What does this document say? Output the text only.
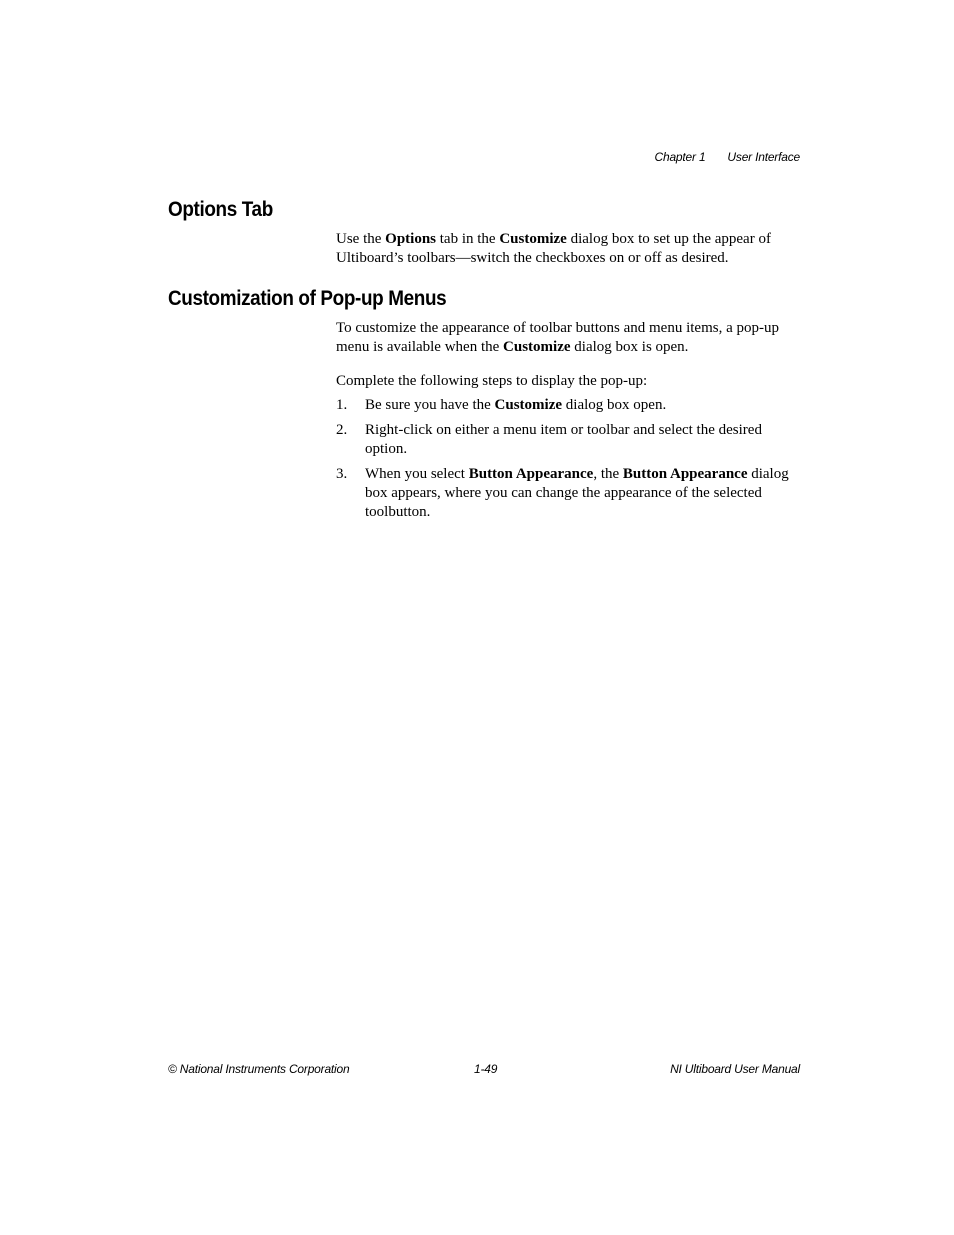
Chapter 1 User Interface
Options Tab

Use the Options tab in the Customize dialog box to set up the appear of Ultiboard’s toolbars—switch the checkboxes on or off as desired.

Customization of Pop-up Menus

To customize the appearance of toolbar buttons and menu items, a pop-up menu is available when the Customize dialog box is open.

Complete the following steps to display the pop-up:

1. Be sure you have the Customize dialog box open.
2. Right-click on either a menu item or toolbar and select the desired option.
3. When you select Button Appearance, the Button Appearance dialog box appears, where you can change the appearance of the selected toolbutton.
© National Instruments Corporation	1-49	NI Ultiboard User Manual
